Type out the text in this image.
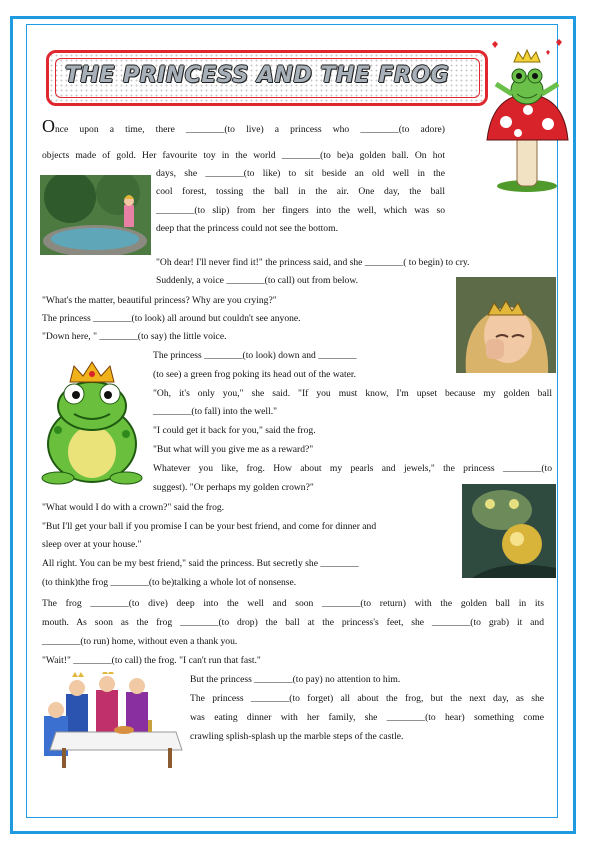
THE PRINCESS AND THE FROG
Once upon a time, there ________(to live) a princess who ________(to adore)
objects made of gold. Her favourite toy in the world ________(to be)a golden ball. On hot
days, she ________(to like) to sit beside an old well in the
cool forest, tossing the ball in the air. One day, the ball
________(to slip) from her fingers into the well, which was so
deep that the princess could not see the bottom.
"Oh dear! I'll never find it!" the princess said, and she ________( to begin) to cry.
Suddenly, a voice ________(to call) out from below.
"What's the matter, beautiful princess? Why are you crying?"
The princess ________(to look) all around but couldn't see anyone.
"Down here, " ________(to say) the little voice.
The princess ________(to look) down and ________
(to see) a green frog poking its head out of the water.
"Oh, it's only you," she said. "If you must know, I'm upset because my golden ball
________(to fall) into the well."
"I could get it back for you," said the frog.
"But what will you give me as a reward?"
Whatever you like, frog. How about my pearls and jewels," the princess ________(to
suggest). "Or perhaps my golden crown?"
"What would I do with a crown?" said the frog.
"But I'll get your ball if you promise I can be your best friend, and come for dinner and
sleep over at your house."
All right. You can be my best friend," said the princess. But secretly she ________
(to think)the frog ________(to be)talking a whole lot of nonsense.
The frog ________(to dive) deep into the well and soon ________(to return) with the golden ball in its
mouth. As soon as the frog ________(to drop) the ball at the princess's feet, she ________(to grab) it and
________(to run) home, without even a thank you.
"Wait!" ________(to call) the frog. "I can't run that fast."
But the princess ________(to pay) no attention to him.
The princess ________(to forget) all about the frog, but the next day, as she
was eating dinner with her family, she ________(to hear) something come
crawling splish-splash up the marble steps of the castle.
